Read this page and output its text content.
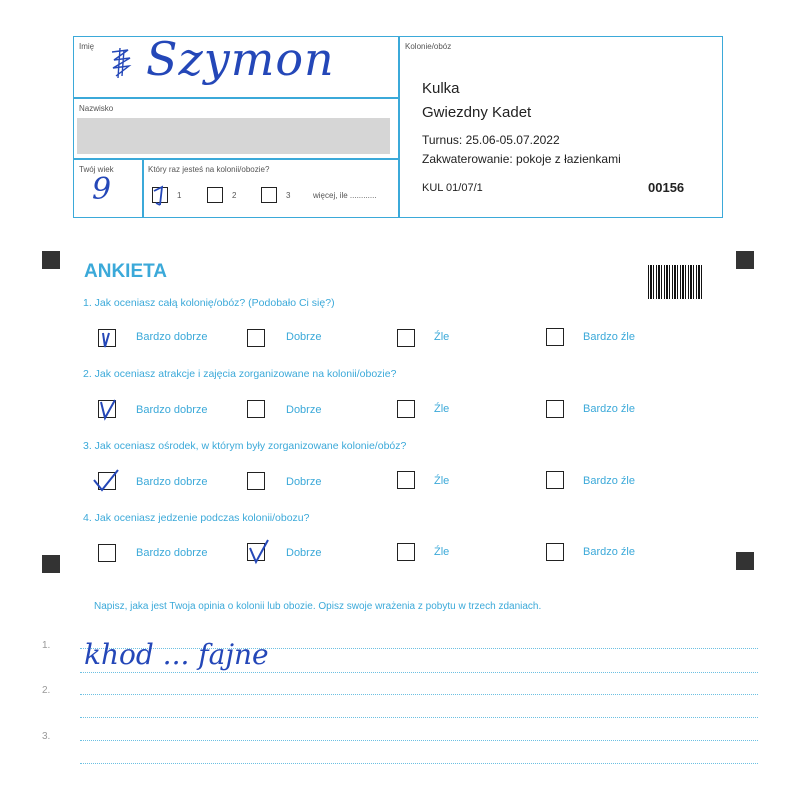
Imię Szymon
Nazwisko
Twój wiek
9
Który raz jesteś na kolonii/obozie?
1	2	3	więcej, ile ............
Kolonie/obóz
Kulka
Gwiezdny Kadet
Turnus: 25.06-05.07.2022
Zakwaterowanie: pokoje z łazienkami
KUL 01/07/1	00156
ANKIETA
1. Jak oceniasz całą kolonię/obóz? (Podobało Ci się?)
Bardzo dobrze	Dobrze	Źle	Bardzo źle
2. Jak oceniasz atrakcje i zajęcia zorganizowane na kolonii/obozie?
Bardzo dobrze	Dobrze	Źle	Bardzo źle
3. Jak oceniasz ośrodek, w którym były zorganizowane kolonie/obóz?
Bardzo dobrze	Dobrze	Źle	Bardzo źle
4. Jak oceniasz jedzenie podczas kolonii/obozu?
Bardzo dobrze	Dobrze	Źle	Bardzo źle
Napisz, jaka jest Twoja opinia o kolonii lub obozie. Opisz swoje wrażenia z pobytu w trzech zdaniach.
1. khod ... fajne
2.
3.
